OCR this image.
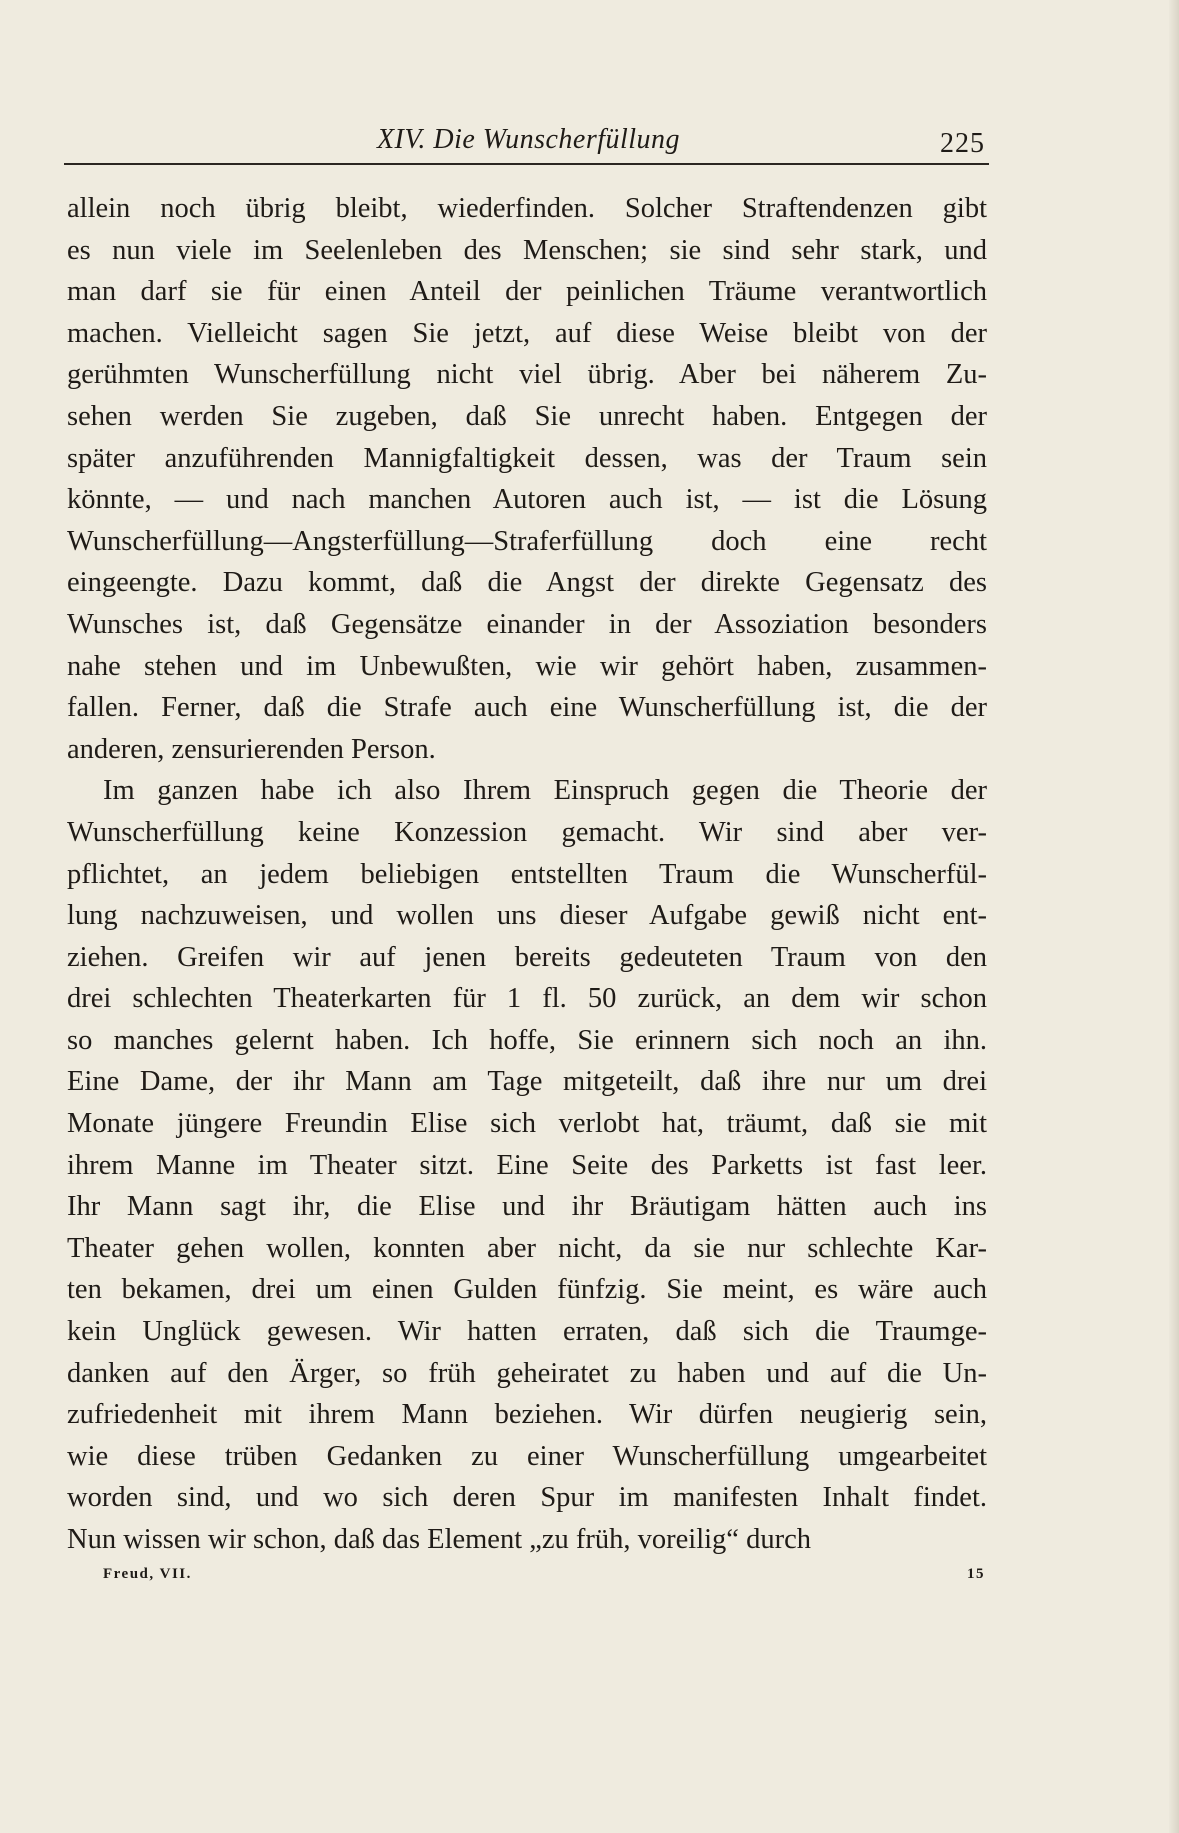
XIV. Die Wunscherfüllung	225

allein noch übrig bleibt, wiederfinden. Solcher Straftendenzen gibt
es nun viele im Seelenleben des Menschen; sie sind sehr stark, und
man darf sie für einen Anteil der peinlichen Träume verantwortlich
machen. Vielleicht sagen Sie jetzt, auf diese Weise bleibt von der
gerühmten Wunscherfüllung nicht viel übrig. Aber bei näherem Zu-
sehen werden Sie zugeben, daß Sie unrecht haben. Entgegen der
später anzuführenden Mannigfaltigkeit dessen, was der Traum sein
könnte, — und nach manchen Autoren auch ist, — ist die Lösung
Wunscherfüllung—Angsterfüllung—Straferfüllung doch eine recht
eingeengte. Dazu kommt, daß die Angst der direkte Gegensatz des
Wunsches ist, daß Gegensätze einander in der Assoziation besonders
nahe stehen und im Unbewußten, wie wir gehört haben, zusammen-
fallen. Ferner, daß die Strafe auch eine Wunscherfüllung ist, die der
anderen, zensurierenden Person.

Im ganzen habe ich also Ihrem Einspruch gegen die Theorie der
Wunscherfüllung keine Konzession gemacht. Wir sind aber ver-
pflichtet, an jedem beliebigen entstellten Traum die Wunscherfül-
lung nachzuweisen, und wollen uns dieser Aufgabe gewiß nicht ent-
ziehen. Greifen wir auf jenen bereits gedeuteten Traum von den
drei schlechten Theaterkarten für 1 fl. 50 zurück, an dem wir schon
so manches gelernt haben. Ich hoffe, Sie erinnern sich noch an ihn.
Eine Dame, der ihr Mann am Tage mitgeteilt, daß ihre nur um drei
Monate jüngere Freundin Elise sich verlobt hat, träumt, daß sie mit
ihrem Manne im Theater sitzt. Eine Seite des Parketts ist fast leer.
Ihr Mann sagt ihr, die Elise und ihr Bräutigam hätten auch ins
Theater gehen wollen, konnten aber nicht, da sie nur schlechte Kar-
ten bekamen, drei um einen Gulden fünfzig. Sie meint, es wäre auch
kein Unglück gewesen. Wir hatten erraten, daß sich die Traumge-
danken auf den Ärger, so früh geheiratet zu haben und auf die Un-
zufriedenheit mit ihrem Mann beziehen. Wir dürfen neugierig sein,
wie diese trüben Gedanken zu einer Wunscherfüllung umgearbeitet
worden sind, und wo sich deren Spur im manifesten Inhalt findet.
Nun wissen wir schon, daß das Element „zu früh, voreilig“ durch

Freud, VII.	15
